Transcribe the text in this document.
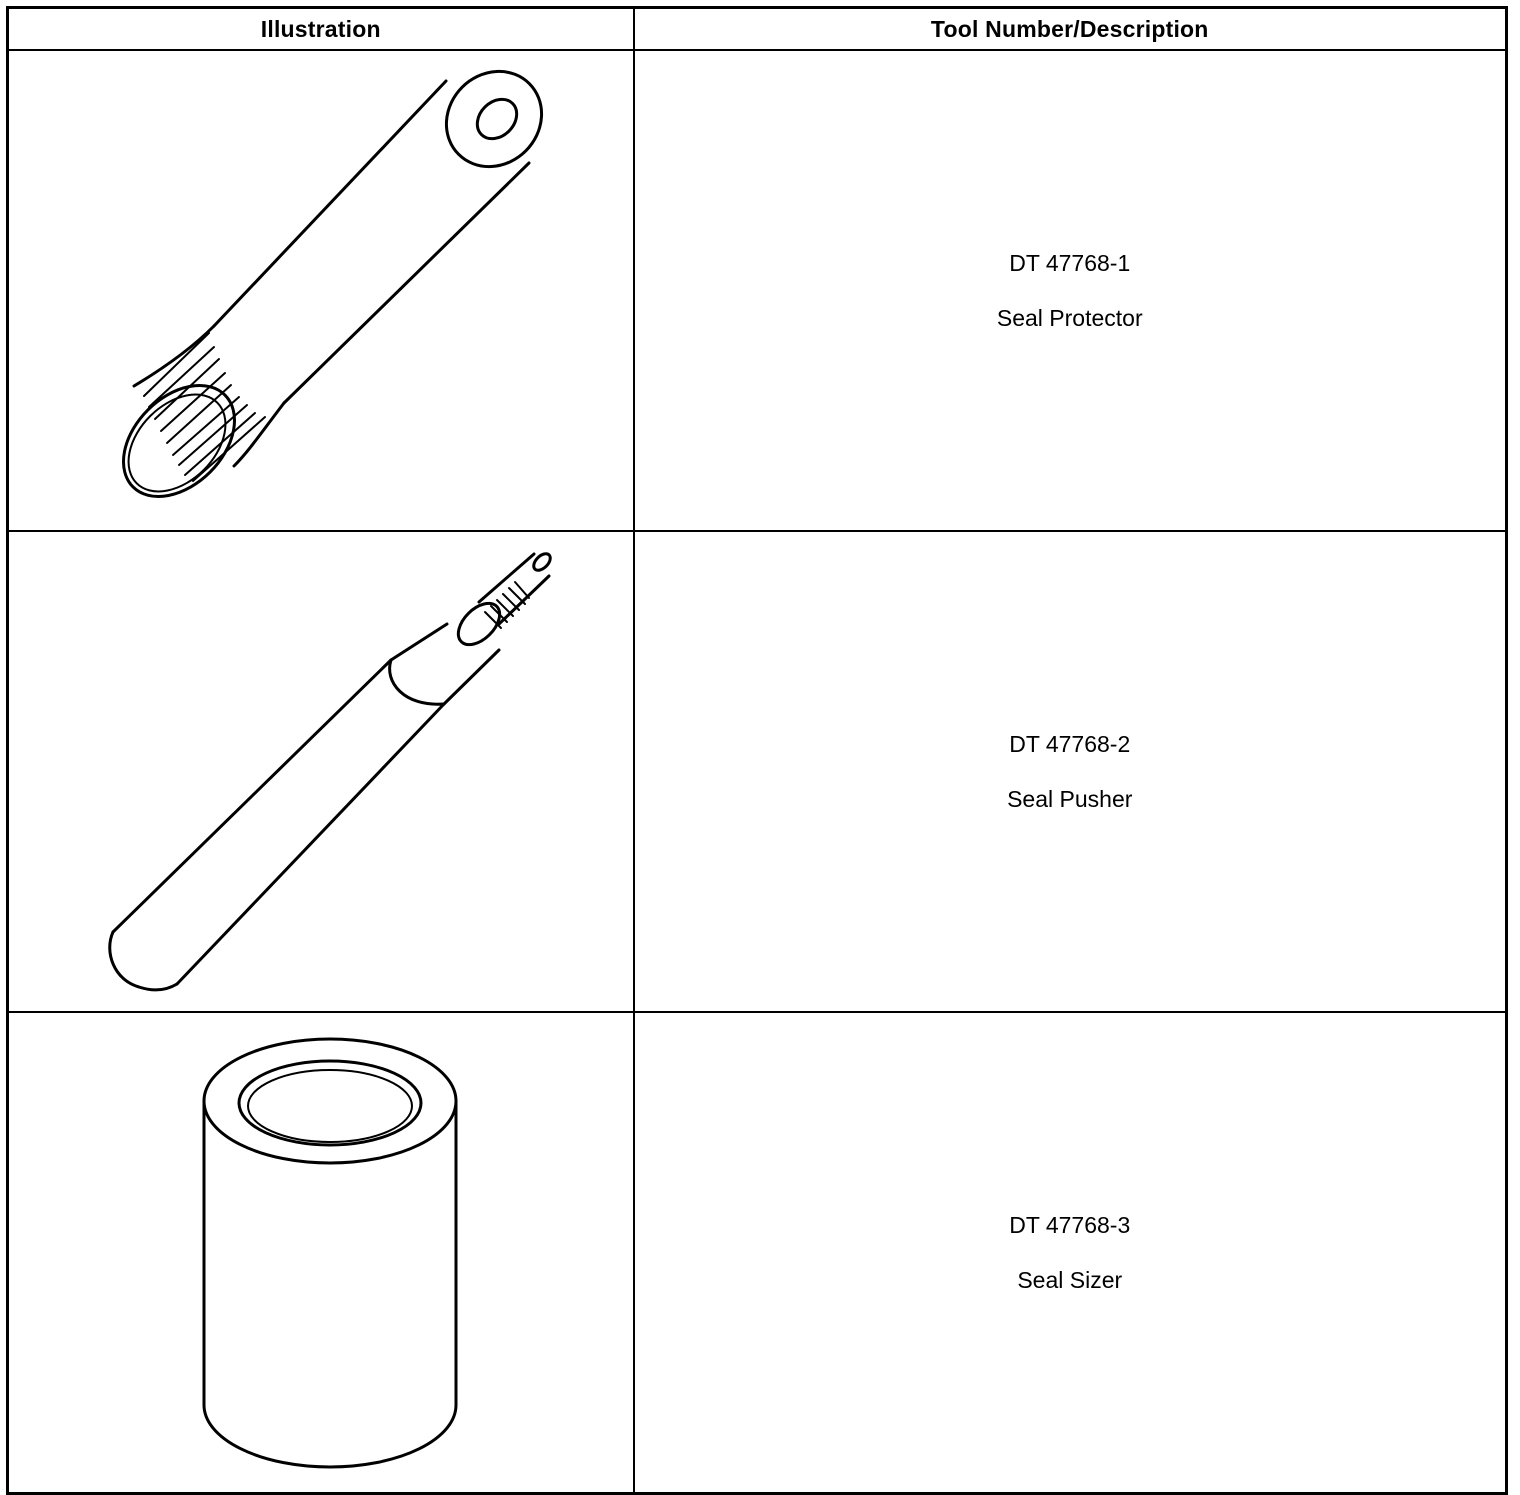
Illustration	Tool Number/Description

DT 47768-1
Seal Protector

DT 47768-2
Seal Pusher

DT 47768-3
Seal Sizer
